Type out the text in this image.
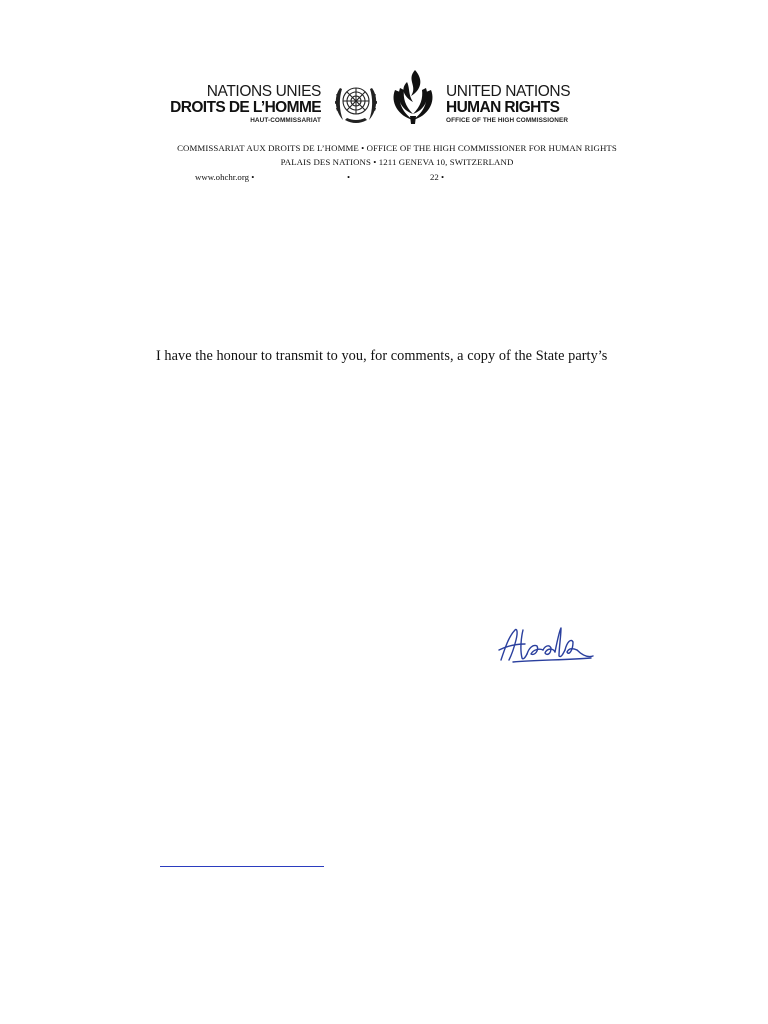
NATIONS UNIES
DROITS DE L’HOMME
HAUT-COMMISSARIAT
UNITED NATIONS
HUMAN RIGHTS
OFFICE OF THE HIGH COMMISSIONER
COMMISSARIAT AUX DROITS DE L’HOMME • OFFICE OF THE HIGH COMMISSIONER FOR HUMAN RIGHTS
PALAIS DES NATIONS • 1211 GENEVA 10, SWITZERLAND
www.ohchr.org •	•	22 •
I have the honour to transmit to you, for comments, a copy of the State party’s
